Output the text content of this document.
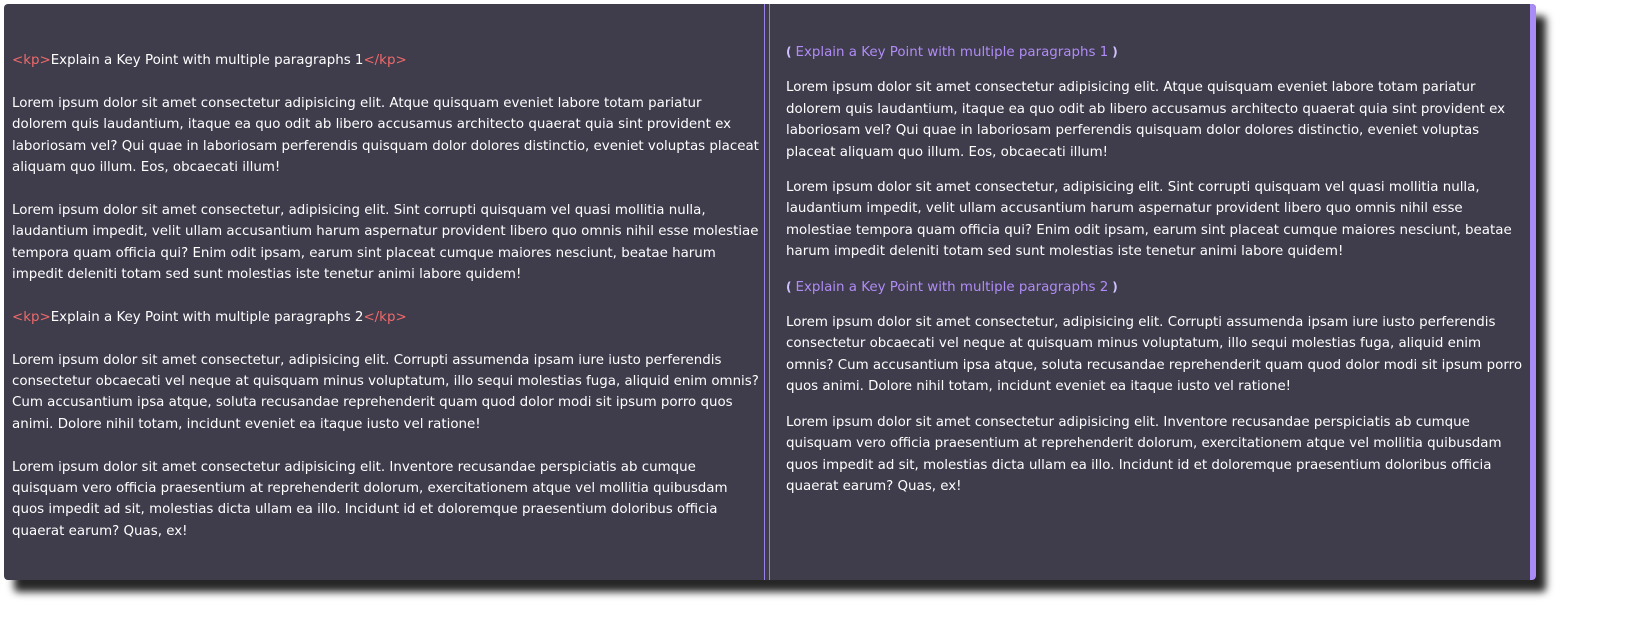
<kp>Explain a Key Point with multiple paragraphs 1</kp>
Lorem ipsum dolor sit amet consectetur adipisicing elit. Atque quisquam eveniet labore totam pariatur dolorem quis laudantium, itaque ea quo odit ab libero accusamus architecto quaerat quia sint provident ex laboriosam vel? Qui quae in laboriosam perferendis quisquam dolor dolores distinctio, eveniet voluptas placeat aliquam quo illum. Eos, obcaecati illum!
Lorem ipsum dolor sit amet consectetur, adipisicing elit. Sint corrupti quisquam vel quasi mollitia nulla, laudantium impedit, velit ullam accusantium harum aspernatur provident libero quo omnis nihil esse molestiae tempora quam officia qui? Enim odit ipsam, earum sint placeat cumque maiores nesciunt, beatae harum impedit deleniti totam sed sunt molestias iste tenetur animi labore quidem!
<kp>Explain a Key Point with multiple paragraphs 2</kp>
Lorem ipsum dolor sit amet consectetur, adipisicing elit. Corrupti assumenda ipsam iure iusto perferendis consectetur obcaecati vel neque at quisquam minus voluptatum, illo sequi molestias fuga, aliquid enim omnis? Cum accusantium ipsa atque, soluta recusandae reprehenderit quam quod dolor modi sit ipsum porro quos animi. Dolore nihil totam, incidunt eveniet ea itaque iusto vel ratione!
Lorem ipsum dolor sit amet consectetur adipisicing elit. Inventore recusandae perspiciatis ab cumque quisquam vero officia praesentium at reprehenderit dolorum, exercitationem atque vel mollitia quibusdam quos impedit ad sit, molestias dicta ullam ea illo. Incidunt id et doloremque praesentium doloribus officia quaerat earum? Quas, ex!
( Explain a Key Point with multiple paragraphs 1 )
Lorem ipsum dolor sit amet consectetur adipisicing elit. Atque quisquam eveniet labore totam pariatur dolorem quis laudantium, itaque ea quo odit ab libero accusamus architecto quaerat quia sint provident ex laboriosam vel? Qui quae in laboriosam perferendis quisquam dolor dolores distinctio, eveniet voluptas placeat aliquam quo illum. Eos, obcaecati illum!
Lorem ipsum dolor sit amet consectetur, adipisicing elit. Sint corrupti quisquam vel quasi mollitia nulla, laudantium impedit, velit ullam accusantium harum aspernatur provident libero quo omnis nihil esse molestiae tempora quam officia qui? Enim odit ipsam, earum sint placeat cumque maiores nesciunt, beatae harum impedit deleniti totam sed sunt molestias iste tenetur animi labore quidem!
( Explain a Key Point with multiple paragraphs 2 )
Lorem ipsum dolor sit amet consectetur, adipisicing elit. Corrupti assumenda ipsam iure iusto perferendis consectetur obcaecati vel neque at quisquam minus voluptatum, illo sequi molestias fuga, aliquid enim omnis? Cum accusantium ipsa atque, soluta recusandae reprehenderit quam quod dolor modi sit ipsum porro quos animi. Dolore nihil totam, incidunt eveniet ea itaque iusto vel ratione!
Lorem ipsum dolor sit amet consectetur adipisicing elit. Inventore recusandae perspiciatis ab cumque quisquam vero officia praesentium at reprehenderit dolorum, exercitationem atque vel mollitia quibusdam quos impedit ad sit, molestias dicta ullam ea illo. Incidunt id et doloremque praesentium doloribus officia quaerat earum? Quas, ex!
